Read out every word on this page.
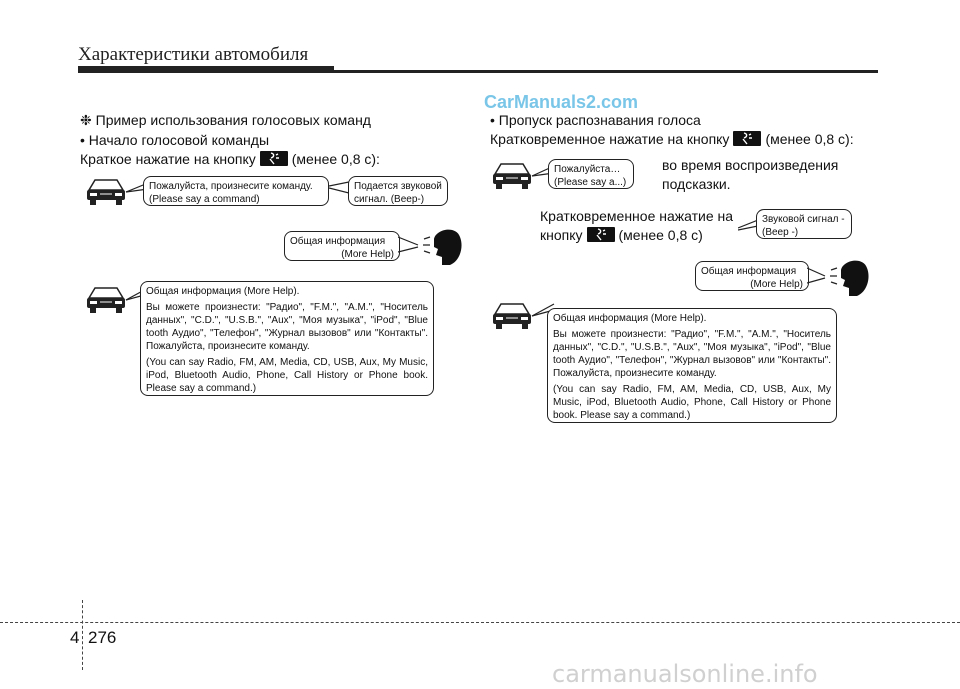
Характеристики автомобиля
CarManuals2.com
❉ Пример использования голосовых команд
• Начало голосовой команды
Краткое нажатие на кнопку	(менее 0,8 с):

Пожалуйста, произнесите команду.

(Please say a command)

Подается звуковой

сигнал. (Beep-)

Общая информация

(More Help)

Общая информация (More Help).

Вы можете произнести: "Радио", "F.M.", "A.M.", "Носитель данных", "C.D.", "U.S.B.", "Aux", "Моя музыка", "iPod", "Blue tooth Аудио", "Телефон", "Журнал вызовов" или "Контакты". Пожалуйста, произнесите команду.

(You can say Radio, FM, AM, Media, CD, USB, Aux, My Music, iPod, Bluetooth Audio, Phone, Call History or Phone book. Please say a command.)

• Пропуск распознавания голоса
Кратковременное нажатие на кнопку	(менее 0,8 с):

Пожалуйста…

(Please say a...)

во время воспроизведения
подсказки.
Кратковременное нажатие на
кнопку	(менее 0,8 с)

Звуковой сигнал -

(Beep -)

Общая информация

(More Help)

Общая информация (More Help).

Вы можете произнести: "Радио", "F.M.", "A.M.", "Носитель данных", "C.D.", "U.S.B.", "Aux", "Моя музыка", "iPod", "Blue tooth Аудио", "Телефон", "Журнал вызовов" или "Контакты". Пожалуйста, произнесите команду.

(You can say Radio, FM, AM, Media, CD, USB, Aux, My Music, iPod, Bluetooth Audio, Phone, Call History or Phone book. Please say a command.)

4 276
carmanualsonline.info
